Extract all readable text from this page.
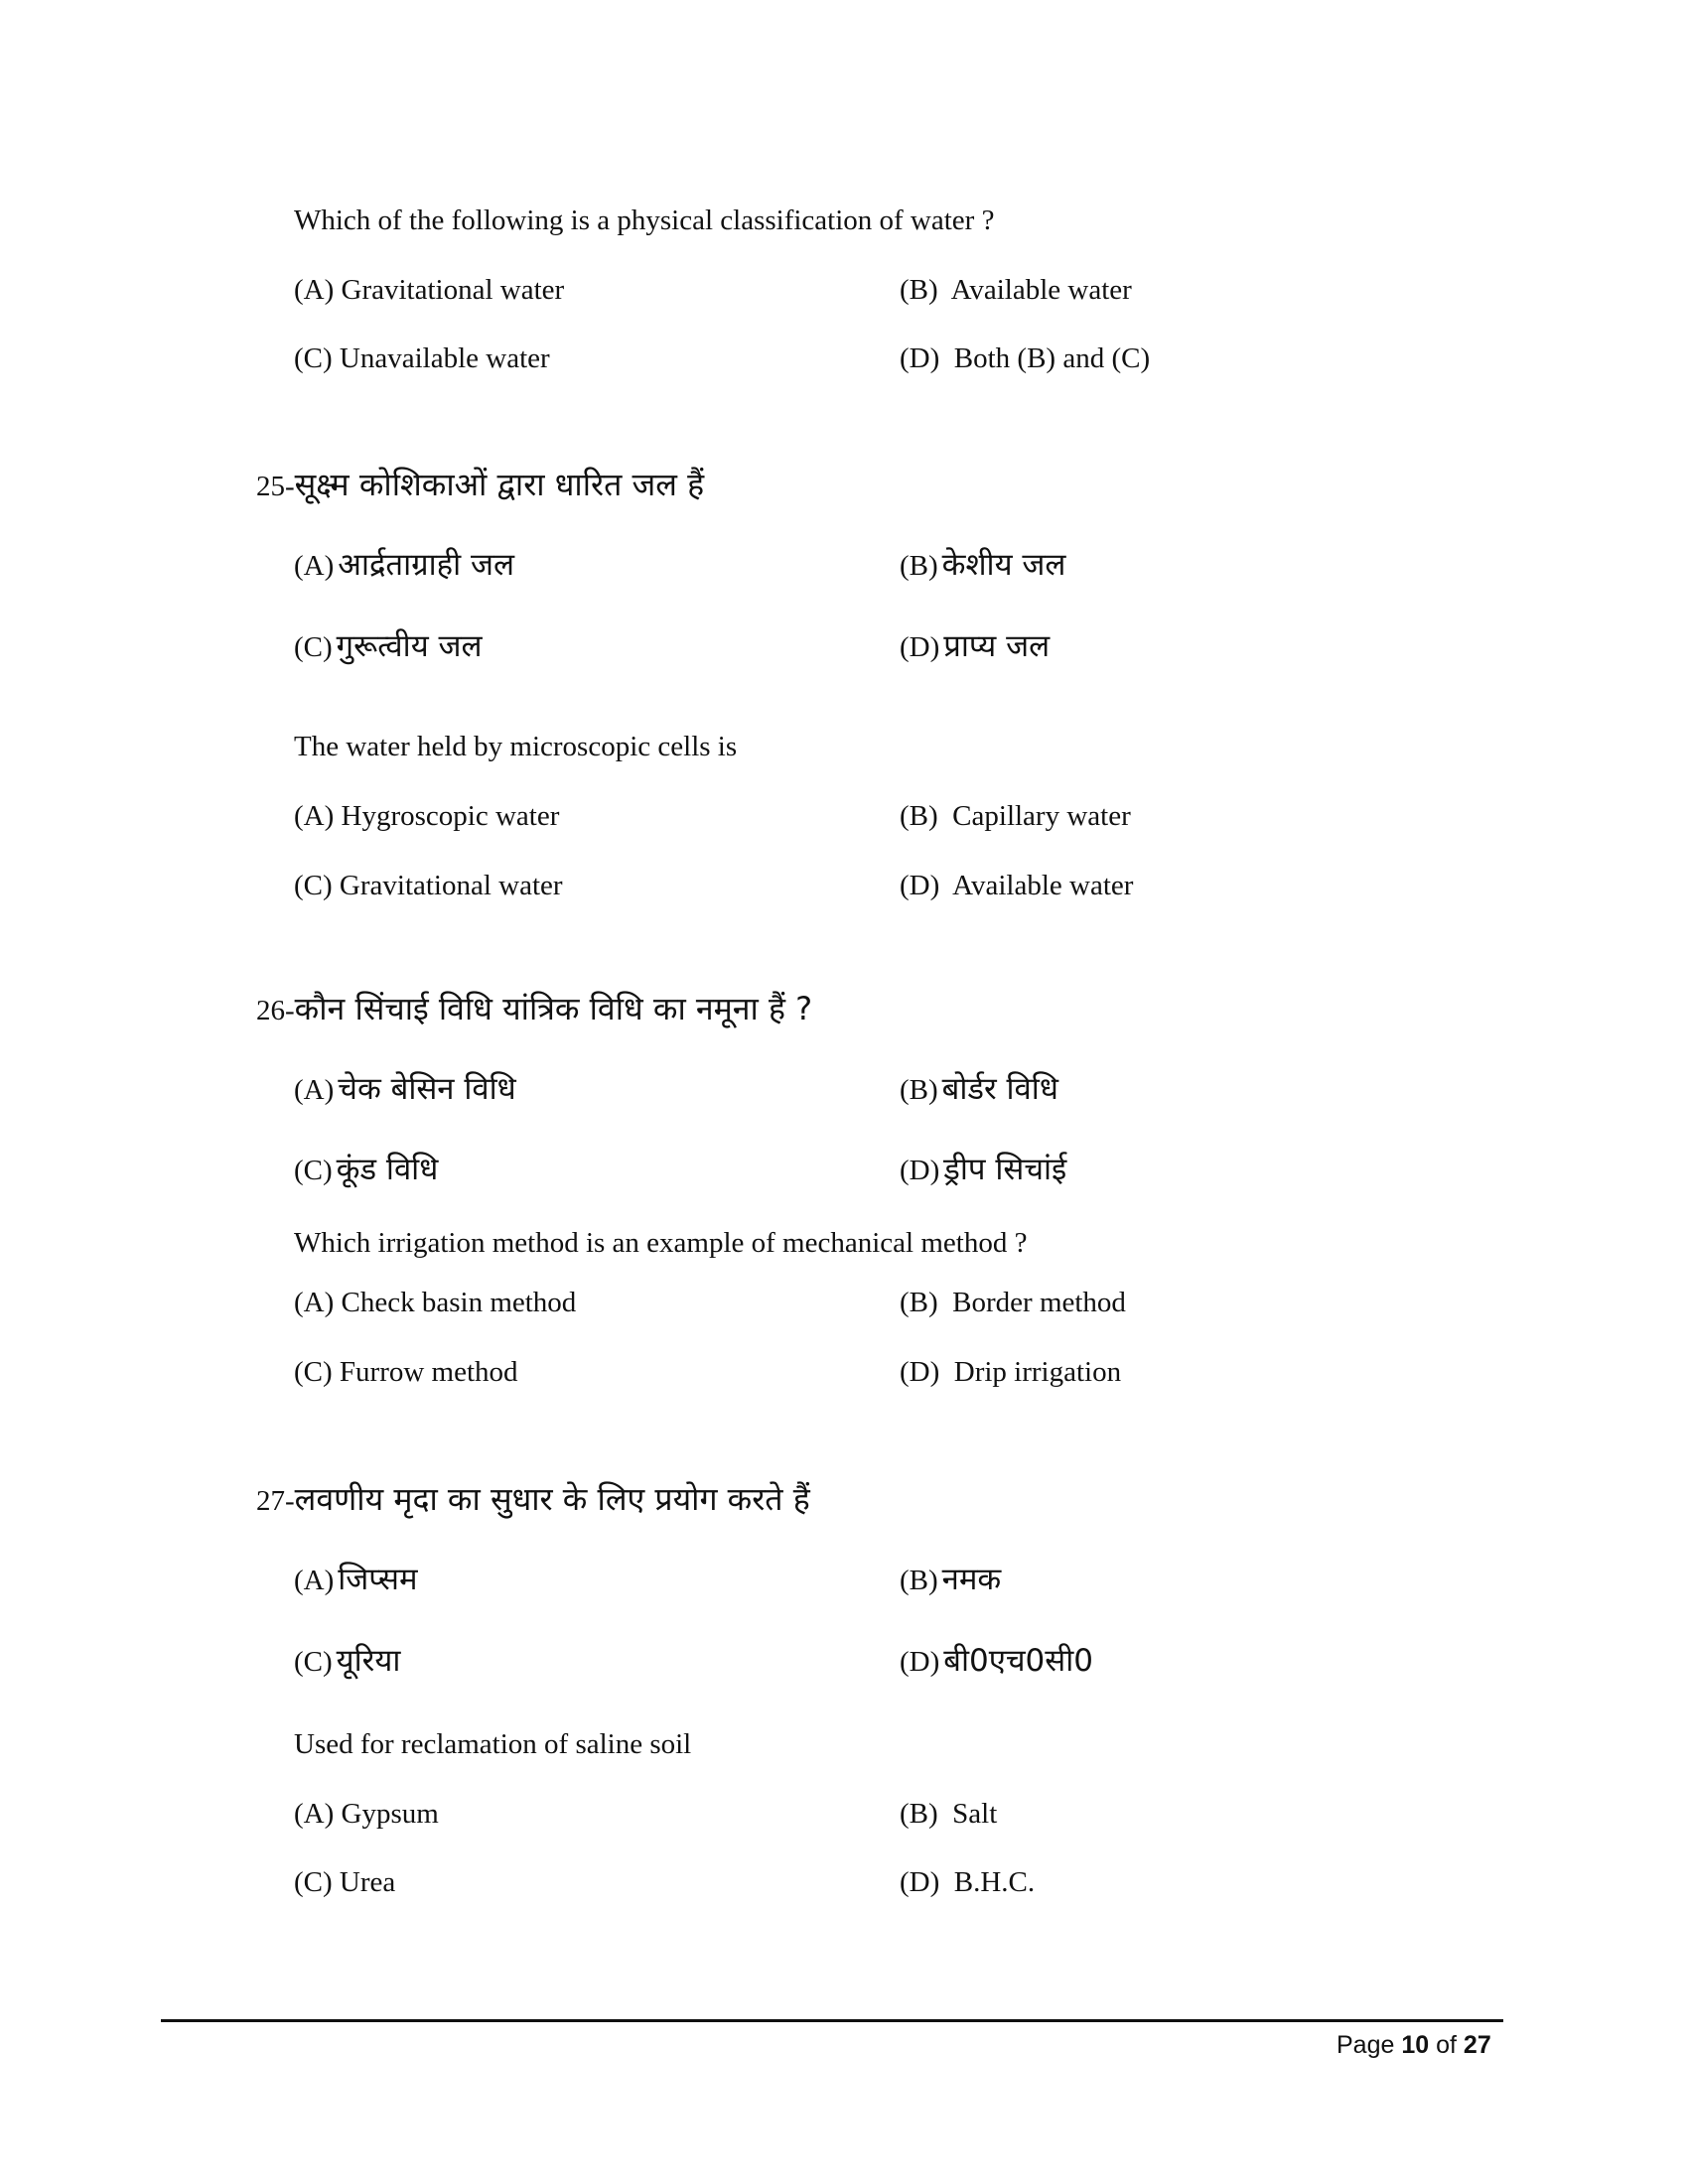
Which of the following is a physical classification of water ?
(A) Gravitational water	(B) Available water
(C) Unavailable water	(D) Both (B) and (C)
25-सूक्ष्म कोशिकाओं द्वारा धारित जल हैं
(A) आर्द्रताग्राही जल	(B) केशीय जल
(C) गुरूत्वीय जल	(D) प्राप्य जल
The water held by microscopic cells is
(A) Hygroscopic water	(B) Capillary water
(C) Gravitational water	(D) Available water
26-कौन सिंचाई विधि यांत्रिक विधि का नमूना हैं ?
(A) चेक बेसिन विधि	(B) बोर्डर विधि
(C) कूंड विधि	(D) ड्रीप सिचांई
Which irrigation method is an example of mechanical method ?
(A) Check basin method	(B) Border method
(C) Furrow method	(D) Drip irrigation
27-लवणीय मृदा का सुधार के लिए प्रयोग करते हैं
(A) जिप्सम	(B) नमक
(C) यूरिया	(D) बी0एच0सी0
Used for reclamation of saline soil
(A) Gypsum	(B) Salt
(C) Urea	(D) B.H.C.
Page 10 of 27
